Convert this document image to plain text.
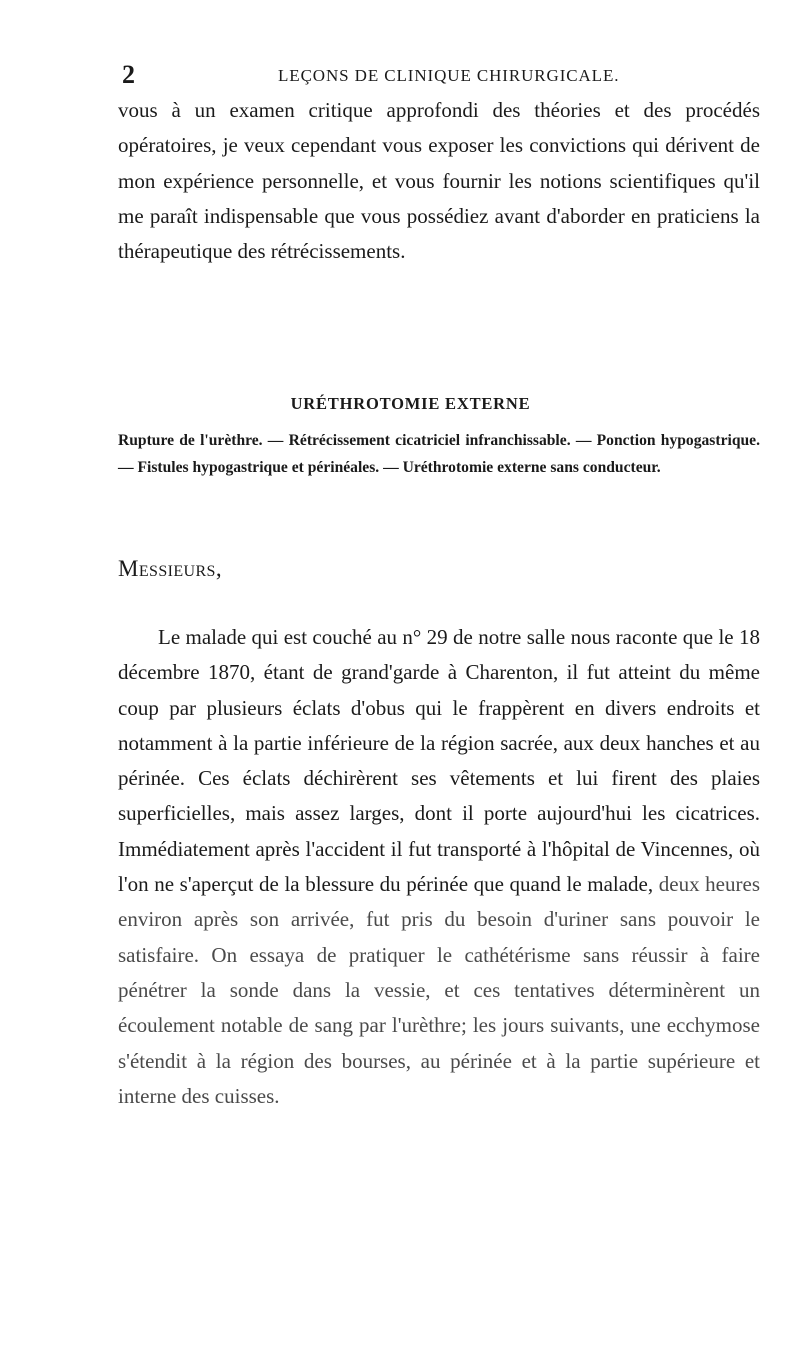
2	LEÇONS DE CLINIQUE CHIRURGICALE.

vous à un examen critique approfondi des théories et des procédés opératoires, je veux cependant vous exposer les convictions qui dérivent de mon expérience personnelle, et vous fournir les notions scientifiques qu'il me paraît indispensable que vous possédiez avant d'aborder en praticiens la thérapeutique des rétrécissements.

URÉTHROTOMIE EXTERNE

Rupture de l'urèthre. — Rétrécissement cicatriciel infranchissable. — Ponction hypogastrique. — Fistules hypogastrique et périnéales. — Uréthrotomie externe sans conducteur.

Messieurs,

Le malade qui est couché au n° 29 de notre salle nous raconte que le 18 décembre 1870, étant de grand'garde à Charenton, il fut atteint du même coup par plusieurs éclats d'obus qui le frappèrent en divers endroits et notamment à la partie inférieure de la région sacrée, aux deux hanches et au périnée. Ces éclats déchirèrent ses vêtements et lui firent des plaies superficielles, mais assez larges, dont il porte aujourd'hui les cicatrices. Immédiatement après l'accident il fut transporté à l'hôpital de Vincennes, où l'on ne s'aperçut de la blessure du périnée que quand le malade, deux heures environ après son arrivée, fut pris du besoin d'uriner sans pouvoir le satisfaire. On essaya de pratiquer le cathétérisme sans réussir à faire pénétrer la sonde dans la vessie, et ces tentatives déterminèrent un écoulement notable de sang par l'urèthre; les jours suivants, une ecchymose s'étendit à la région des bourses, au périnée et à la partie supérieure et interne des cuisses.
